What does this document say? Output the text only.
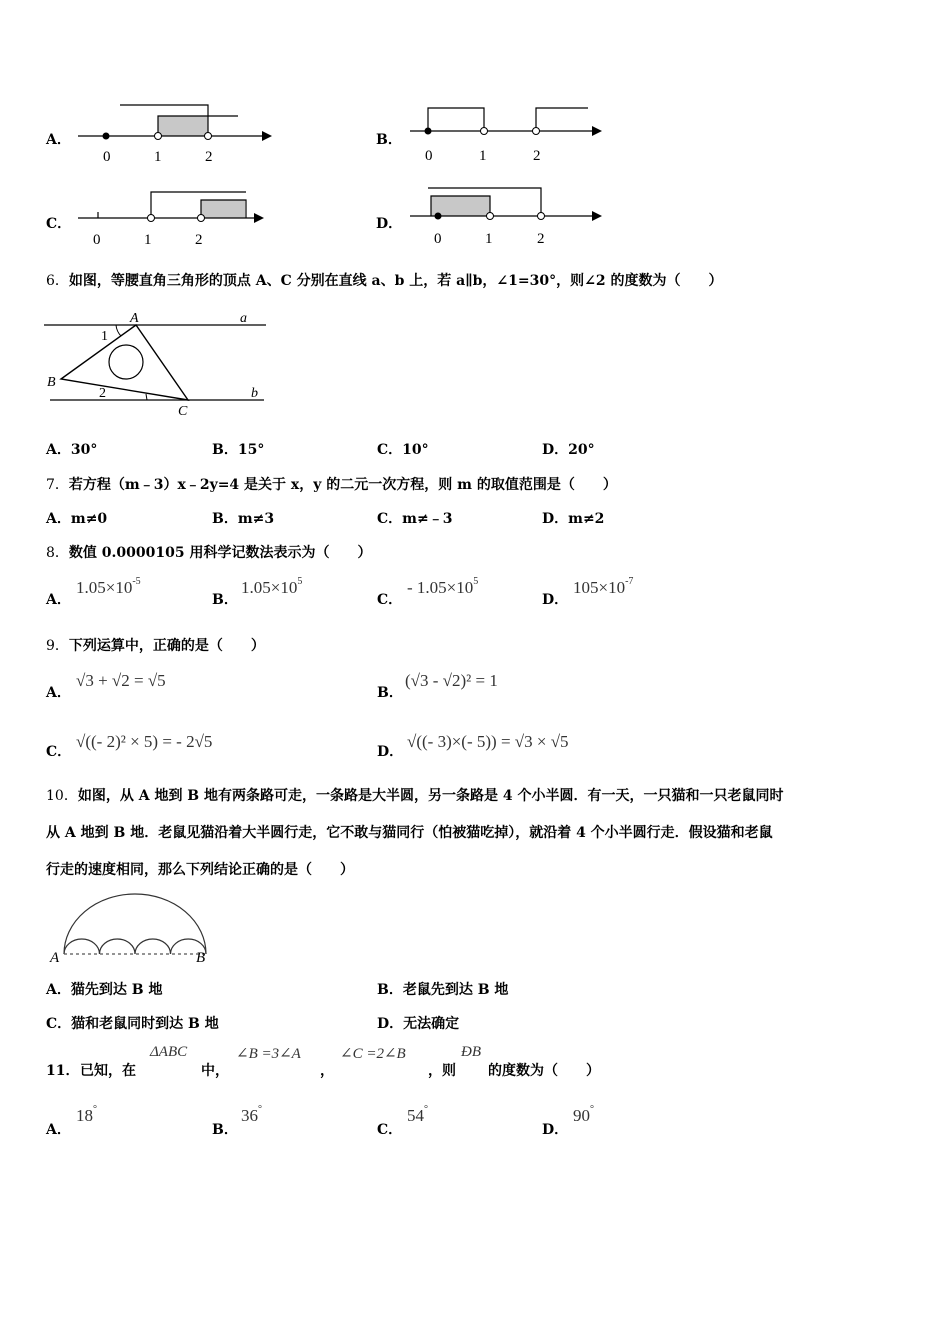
A．
0	1	2
B．
0	1	2
C．
0	1	2
D．
0	1	2
6．如图，等腰直角三角形的顶点 A、C 分别在直线 a、b 上，若 a∥b，∠1=30°，则∠2 的度数为（　　）
A	a
B
C
b
1
2
A．30°	B．15°	C．10°	D．20°
7．若方程（m﹣3）x﹣2y=4 是关于 x，y 的二元一次方程，则 m 的取值范围是（　　）
A．m≠0	B．m≠3	C．m≠﹣3	D．m≠2
8．数值 0.0000105 用科学记数法表示为（　　）
A．
$1.05\times 10^{-5}$
B．
$1.05\times 10^5$
C．
- $1.05\times 10^5$
D．
$105\times 10^{-7}$
9．下列运算中，正确的是（　　）
A．
√3 + √2 = √5
B．
(√3 - √2)² = 1
C．
√((- 2)² × 5) = - 2√5
D．
√((- 3)×(- 5)) = √3 × √5
10．如图，从 A 地到 B 地有两条路可走，一条路是大半圆，另一条路是 4 个小半圆．有一天，一只猫和一只老鼠同时
从 A 地到 B 地．老鼠见猫沿着大半圆行走，它不敢与猫同行（怕被猫吃掉），就沿着 4 个小半圆行走．假设猫和老鼠
行走的速度相同，那么下列结论正确的是（　　）
A	B
A．猫先到达 B 地	B．老鼠先到达 B 地
C．猫和老鼠同时到达 B 地	D．无法确定
11． 已知，在
ΔABC
中，
∠B =3∠A
，
∠C =2∠B
，则
ÐB
的度数为（　　）
A．
18°
B．
36°
C．
54°
D．
90°
